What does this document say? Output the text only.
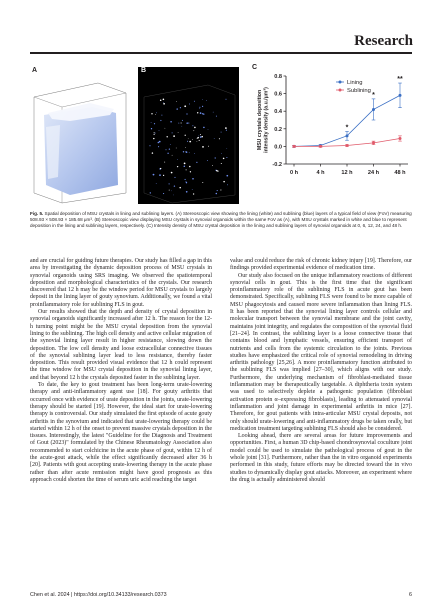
Research
A	B	C
-0.2
0.0
0.2
0.4
0.6
0.8
0 h	4 h	12 h	24 h	48 h
MSU crystals depositionintensity density (a.u./μm³)	*
*
**
Lining
Sublining
Fig. 5. Spatial deposition of MSU crystals in lining and sublining layers. (A) Stereoscopic view showing the lining (white) and sublining (blue) layers of a typical field of view (FoV) measuring 508.93 × 508.93 × 185.68 μm³. (B) Stereoscopic view displaying MSU crystals in synovial organoids within the same FoV as (A), with MSU crystals marked in white and blue to represent deposition in the lining and sublining layers, respectively. (C) Intensity density of MSU crystal deposition in the lining and sublining layers of synovial organoids at 0, 6, 12, 24, and 48 h.

and are crucial for guiding future therapies. Our study has filled a gap in this area by investigating the dynamic deposition process of MSU crystals in synovial organoids using SRS imaging. We observed the spatiotemporal deposition and morphological characteristics of the crystals. Our research discovered that 12 h may be the window period for MSU crystals to largely deposit in the lining layer of gouty synovium. Additionally, we found a vital proinflammatory role for sublining FLS in gout.

Our results showed that the depth and density of crystal deposition in synovial organoids significantly increased after 12 h. The reason for the 12-h turning point might be the MSU crystal deposition from the synovial lining to the sublining. The high cell density and active cellular migration of the synovial lining layer result in higher resistance, slowing down the deposition. The low cell density and loose extracellular connective tissues of the synovial sublining layer lead to less resistance, thereby faster deposition. This result provided visual evidence that 12 h could represent the time window for MSU crystal deposition in the synovial lining layer, and that beyond 12 h the crystals deposited faster in the sublining layer.

To date, the key to gout treatment has been long-term urate-lowering therapy and anti-inflammatory agent use [18]. For gouty arthritis that occurred once with evidence of urate deposition in the joints, urate-lowering therapy should be started [19]. However, the ideal start for urate-lowering therapy is controversial. Our study simulated the first episode of acute gouty arthritis in the synovium and indicated that urate-lowering therapy could be started within 12 h of the onset to prevent massive crystals deposition in the tissues. Interestingly, the latest "Guideline for the Diagnosis and Treatment of Gout (2023)" formulated by the Chinese Rheumatology Association also recommended to start colchicine in the acute phase of gout, within 12 h of the acute-gout attack, while the effect significantly decreased after 36 h [20]. Patients with gout accepting urate-lowering therapy in the acute phase rather than after acute remission might have good prognosis as this approach could shorten the time of serum uric acid reaching the target

value and could reduce the risk of chronic kidney injury [19]. Therefore, our findings provided experimental evidence of medication time.

Our study also focused on the unique inflammatory reactions of different synovial cells in gout. This is the first time that the significant proinflammatory role of the sublining FLS in acute gout has been demonstrated. Specifically, sublining FLS were found to be more capable of MSU phagocytosis and caused more severe inflammation than lining FLS. It has been reported that the synovial lining layer controls cellular and molecular transport between the synovial membrane and the joint cavity, maintains joint integrity, and regulates the composition of the synovial fluid [21–24]. In contrast, the sublining layer is a loose connective tissue that contains blood and lymphatic vessels, ensuring efficient transport of nutrients and cells from the systemic circulation to the joints. Previous studies have emphasized the critical role of synovial remodeling in driving arthritis pathology [25,26]. A more proinflammatory function attributed to the sublining FLS was implied [27–30], which aligns with our study. Furthermore, the underlying mechanism of fibroblast-mediated tissue inflammation may be therapeutically targetable. A diphtheria toxin system was used to selectively deplete a pathogenic population (fibroblast activation protein α–expressing fibroblasts), leading to attenuated synovial inflammation and joint damage in experimental arthritis in mice [27]. Therefore, for gout patients with intra-articular MSU crystal deposits, not only should urate-lowering and anti-inflammatory drugs be taken orally, but medication treatment targeting sublining FLS should also be considered.

Looking ahead, there are several areas for future improvements and opportunities. First, a human 3D chip-based chondrosynovial coculture joint model could be used to simulate the pathological process of gout in the whole joint [31]. Furthermore, rather than the in vitro organoid experiments performed in this study, future efforts may be directed toward the in vivo studies to dynamically display gout attacks. Moreover, an experiment where the drug is actually administered should

Chen et al. 2024 | https://doi.org/10.34133/research.0373	6
